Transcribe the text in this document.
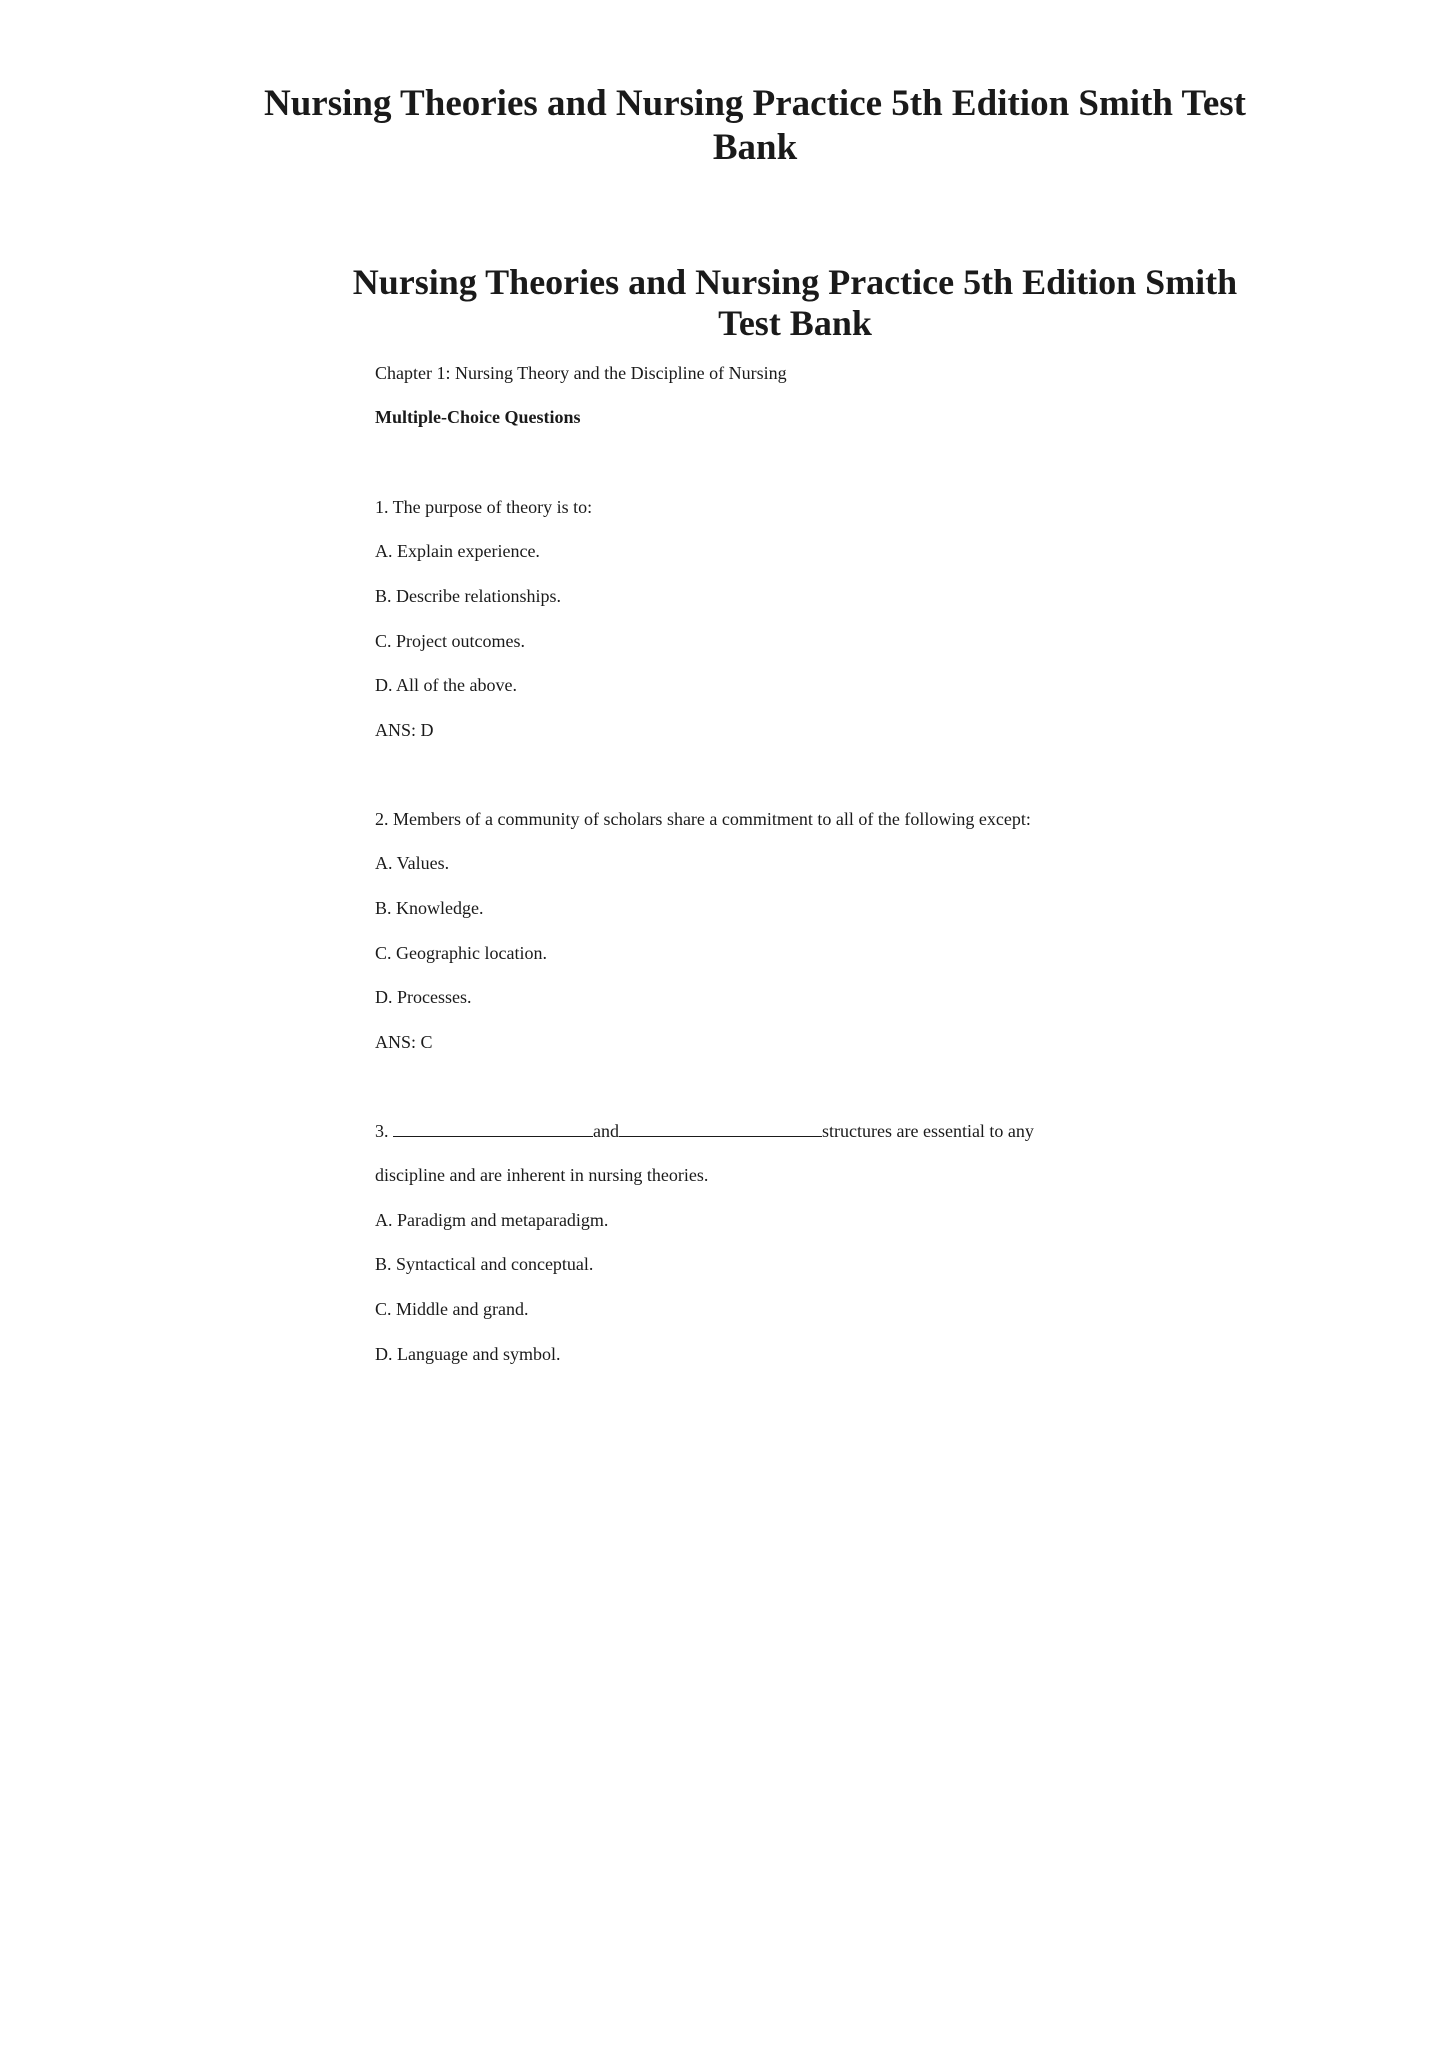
Nursing Theories and Nursing Practice 5th Edition Smith Test Bank
Nursing Theories and Nursing Practice 5th Edition Smith Test Bank
Chapter 1: Nursing Theory and the Discipline of Nursing
Multiple-Choice Questions
1. The purpose of theory is to:
A. Explain experience.
B. Describe relationships.
C. Project outcomes.
D. All of the above.
ANS: D
2. Members of a community of scholars share a commitment to all of the following except:
A. Values.
B. Knowledge.
C. Geographic location.
D. Processes.
ANS: C
3.	and	structures are essential to any
discipline and are inherent in nursing theories.
A. Paradigm and metaparadigm.
B. Syntactical and conceptual.
C. Middle and grand.
D. Language and symbol.
